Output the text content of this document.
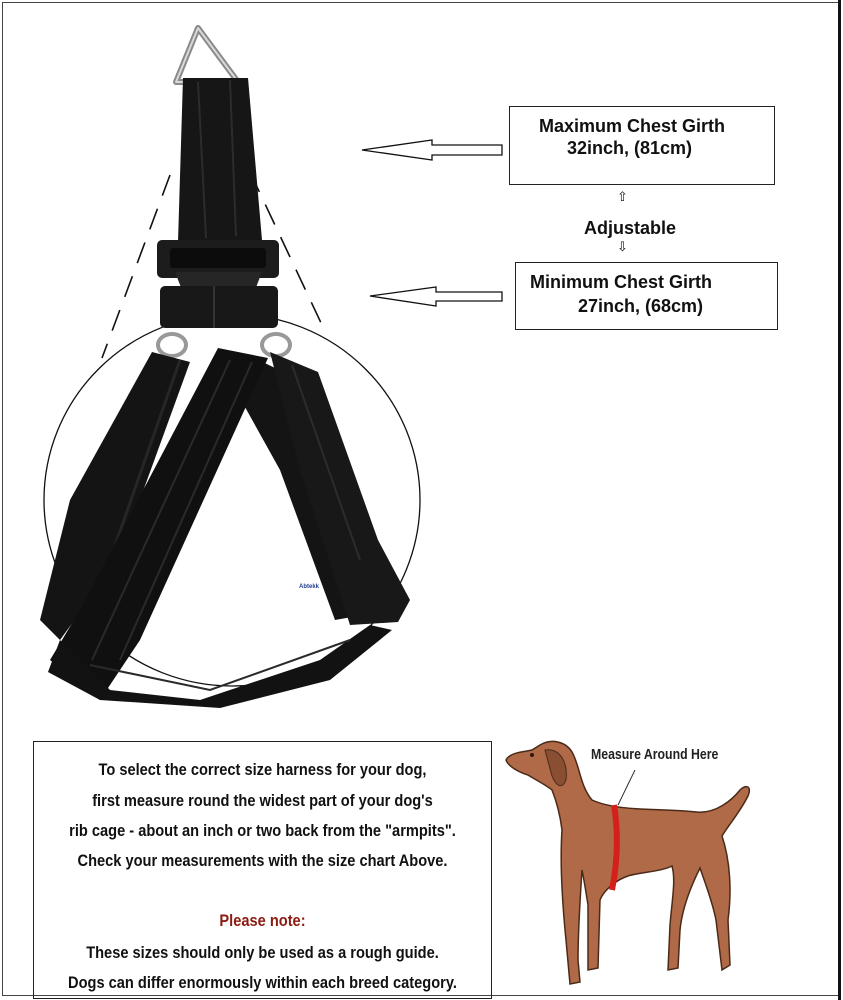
Maximum Chest Girth
32inch, (81cm)
⇧
Adjustable
⇩
Minimum Chest Girth
27inch, (68cm)
Abtekk
To select the correct size harness for your dog,
first measure round the widest part of your dog's
rib cage - about an inch or two back from the "armpits".
Check your measurements with the size chart Above.
Please note:
These sizes should only be used as a rough guide.
Dogs can differ enormously within each breed category.
Measure Around Here
